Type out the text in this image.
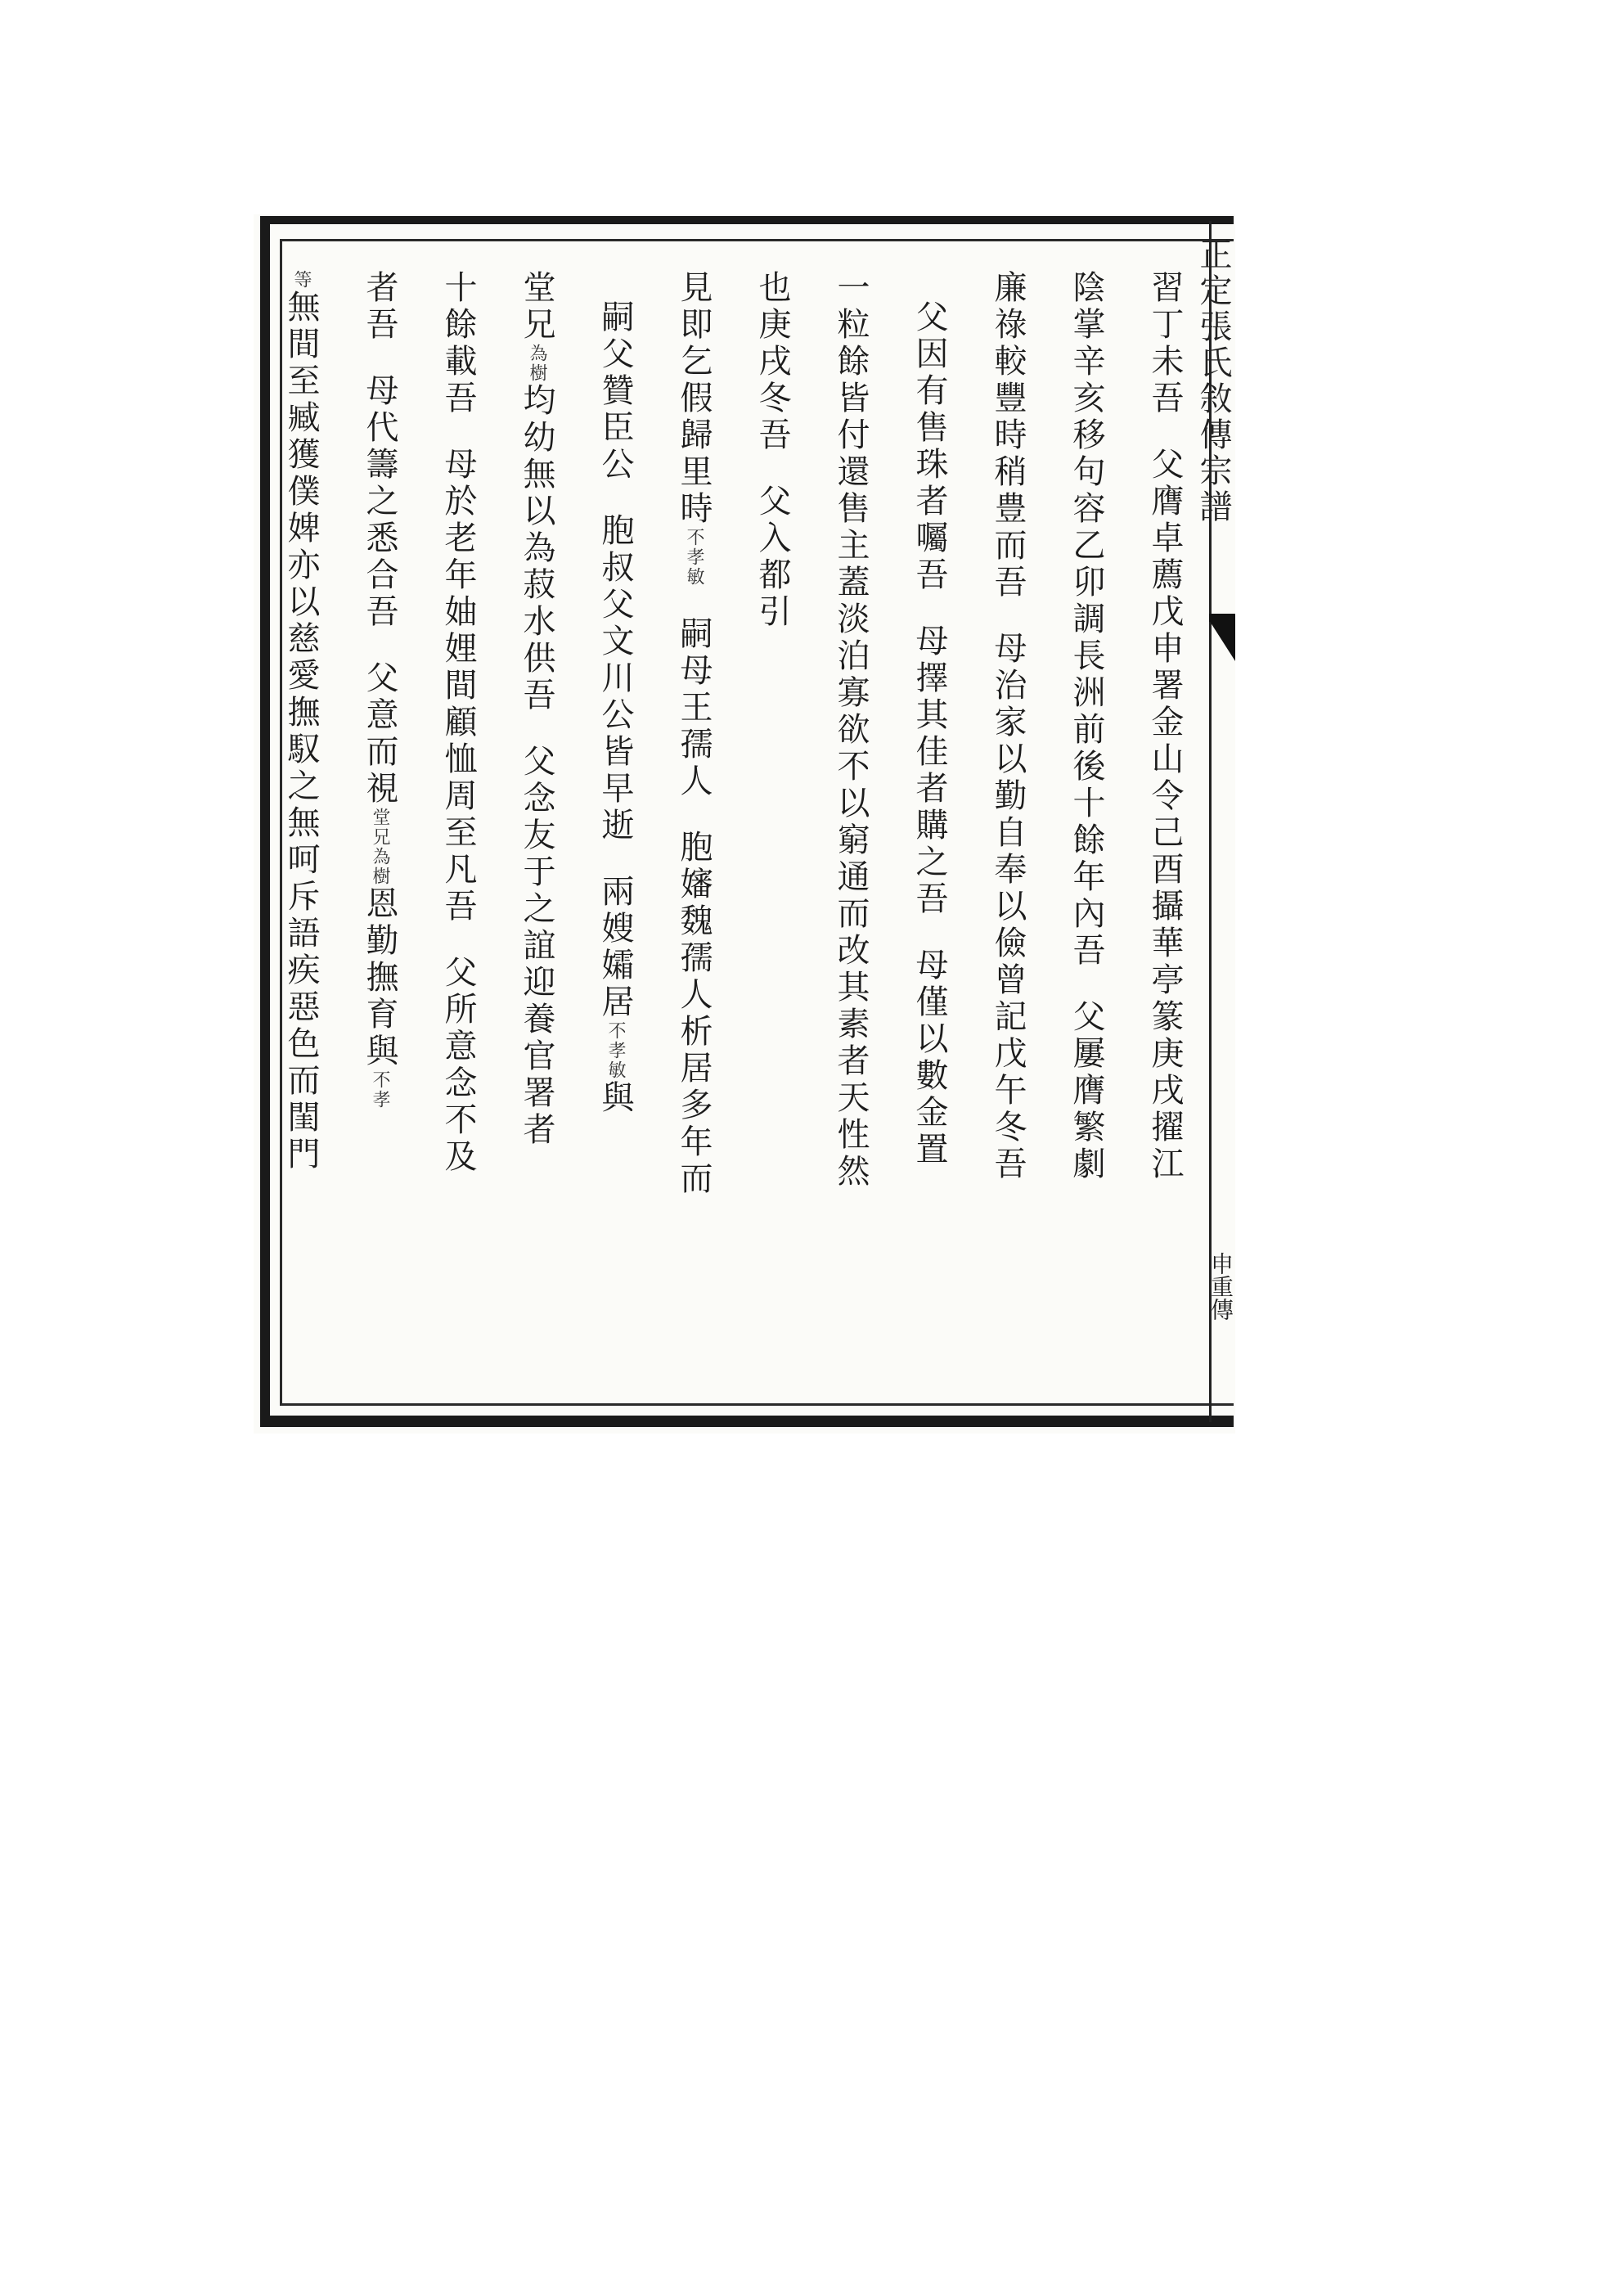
正定張氏敘傳宗譜
申重傳
習丁未吾父膺卓薦戊申署金山令己酉攝華亭篆庚戌擢江
陰掌辛亥移句容乙卯調長洲前後十餘年內吾父屢膺繁劇
廉祿較豐時稍豊而吾母治家以勤自奉以儉曾記戊午冬吾
父因有售珠者囑吾母擇其佳者購之吾母僅以數金置
一粒餘皆付還售主蓋淡泊寡欲不以窮通而改其素者天性然
也庚戌冬吾父入都引
見即乞假歸里時不孝敏嗣母王孺人胞嬸魏孺人析居多年而
嗣父贊臣公胞叔父文川公皆早逝兩嫂孀居不孝敏與
堂兄為樹均幼無以為菽水供吾父念友于之誼迎養官署者
十餘載吾母於老年妯娌間顧恤周至凡吾父所意念不及
者吾母代籌之悉合吾父意而視堂兄為樹恩勤撫育與不孝
等無間至臧獲僕婢亦以慈愛撫馭之無呵斥語疾惡色而閨門
